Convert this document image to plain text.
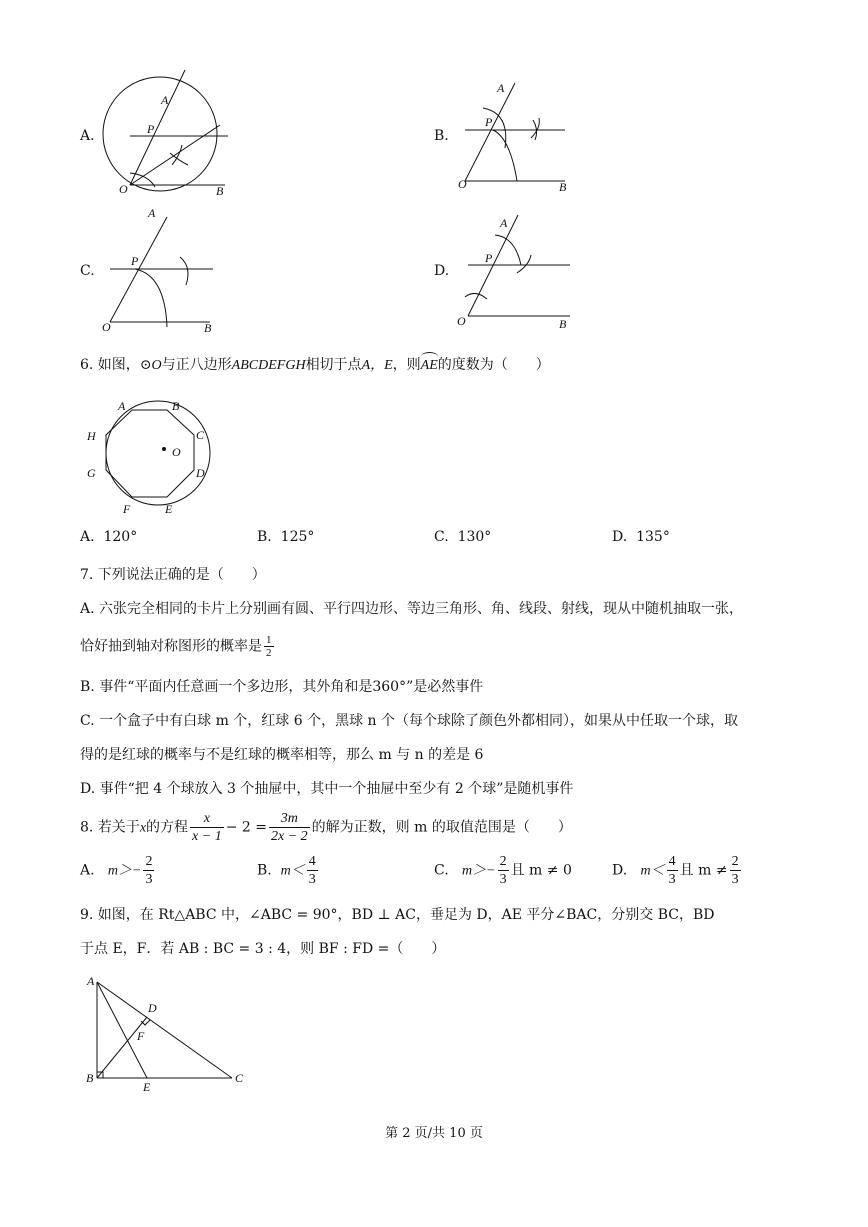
A.
O
A
B
P	B.
O
A
B
P
C.
O
A
B
P
D.
O
A
B
P
6. 如图，⊙O与正八边形ABCDEFGH相切于点A，E，则AE的度数为（　　）
A	B
C
D
E
F
G
H
O
A. 120°	B. 125°	C. 130°	D. 135°
7. 下列说法正确的是（　　）
A. 六张完全相同的卡片上分别画有圆、平行四边形、等边三角形、角、线段、射线，现从中随机抽取一张，
恰好抽到轴对称图形的概率是 $\frac{1}{2}$
B. 事件“平面内任意画一个多边形，其外角和是360°”是必然事件
C. 一个盒子中有白球 m 个，红球 6 个，黑球 n 个（每个球除了颜色外都相同），如果从中任取一个球，取
得的是红球的概率与不是红球的概率相等，那么 m 与 n 的差是 6
D. 事件“把 4 个球放入 3 个抽屉中，其中一个抽屉中至少有 2 个球”是随机事件
8. 若关于x的方程 $\frac{x}{x - 1} - 2 = \frac{3m}{2x - 2}$ 的解为正数，则 m 的取值范围是（　　）
A. $m>- \frac{2}{3}$	B. $m< \frac{4}{3}$	C. $m>- \frac{2}{3}$ 且 m ≠ 0	D. $m< \frac{4}{3}$ 且 $m \ne \frac{2}{3}$
9. 如图，在 Rt△ABC 中，∠ABC = 90°，BD ⊥ AC，垂足为 D，AE 平分∠BAC，分别交 BC，BD
于点 E，F．若 AB : BC = 3 : 4，则 BF : FD =（　　）
A
B	C
D
E
F
第 2 页/共 10 页
